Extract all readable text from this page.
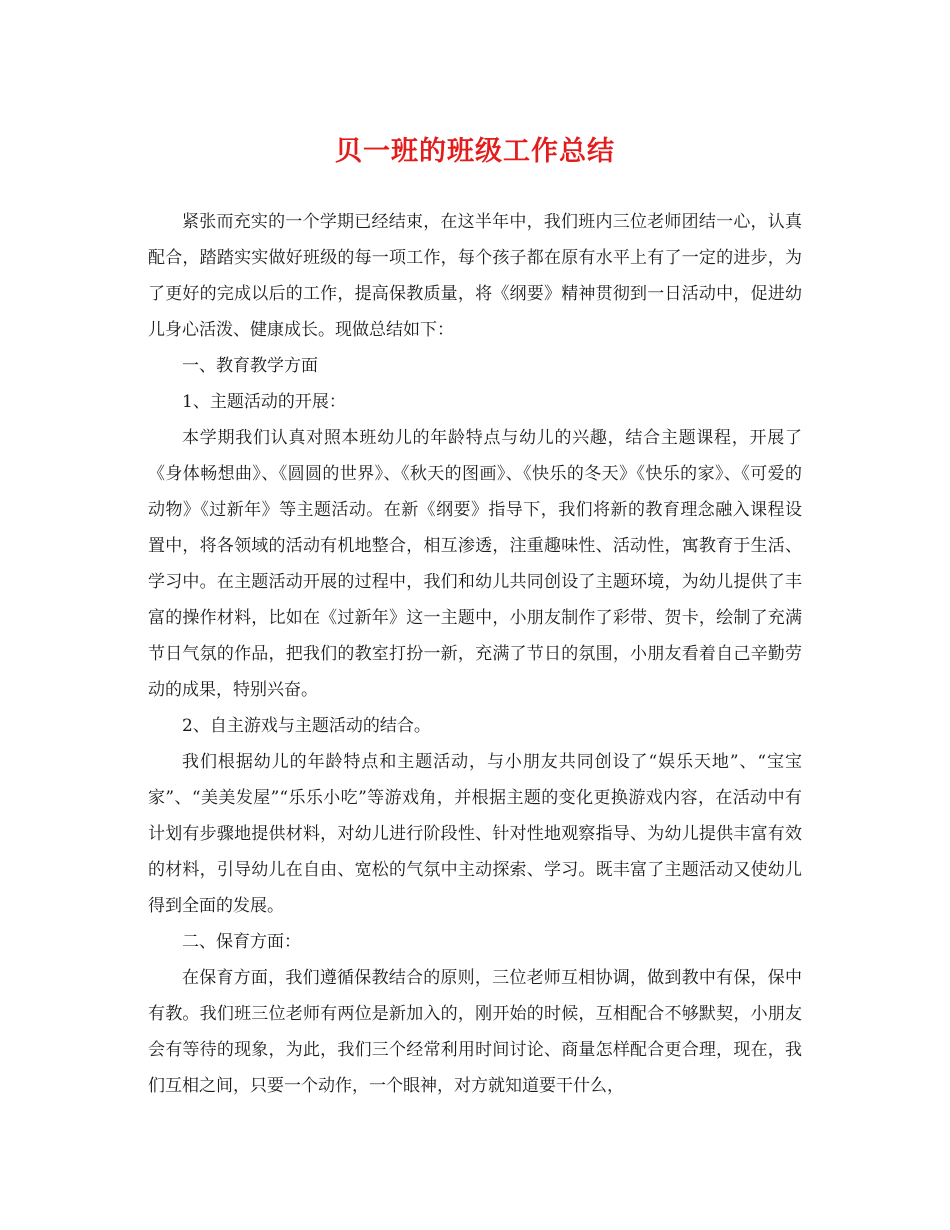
贝一班的班级工作总结

紧张而充实的一个学期已经结束，在这半年中，我们班内三位老师团结一心，认真配合，踏踏实实做好班级的每一项工作，每个孩子都在原有水平上有了一定的进步，为了更好的完成以后的工作，提高保教质量，将《纲要》精神贯彻到一日活动中，促进幼儿身心活泼、健康成长。现做总结如下：

一、教育教学方面

1、主题活动的开展：

本学期我们认真对照本班幼儿的年龄特点与幼儿的兴趣，结合主题课程，开展了《身体畅想曲》、《圆圆的世界》、《秋天的图画》、《快乐的冬天》《快乐的家》、《可爱的动物》《过新年》等主题活动。在新《纲要》指导下，我们将新的教育理念融入课程设置中，将各领域的活动有机地整合，相互渗透，注重趣味性、活动性，寓教育于生活、学习中。在主题活动开展的过程中，我们和幼儿共同创设了主题环境，为幼儿提供了丰富的操作材料，比如在《过新年》这一主题中，小朋友制作了彩带、贺卡，绘制了充满节日气氛的作品，把我们的教室打扮一新，充满了节日的氛围，小朋友看着自己辛勤劳动的成果，特别兴奋。

2、自主游戏与主题活动的结合。

我们根据幼儿的年龄特点和主题活动，与小朋友共同创设了“娱乐天地”、“宝宝家”、“美美发屋”“乐乐小吃”等游戏角，并根据主题的变化更换游戏内容，在活动中有计划有步骤地提供材料，对幼儿进行阶段性、针对性地观察指导、为幼儿提供丰富有效的材料，引导幼儿在自由、宽松的气氛中主动探索、学习。既丰富了主题活动又使幼儿得到全面的发展。

二、保育方面：

在保育方面，我们遵循保教结合的原则，三位老师互相协调，做到教中有保，保中有教。我们班三位老师有两位是新加入的，刚开始的时候，互相配合不够默契，小朋友会有等待的现象，为此，我们三个经常利用时间讨论、商量怎样配合更合理，现在，我们互相之间，只要一个动作，一个眼神，对方就知道要干什么，
